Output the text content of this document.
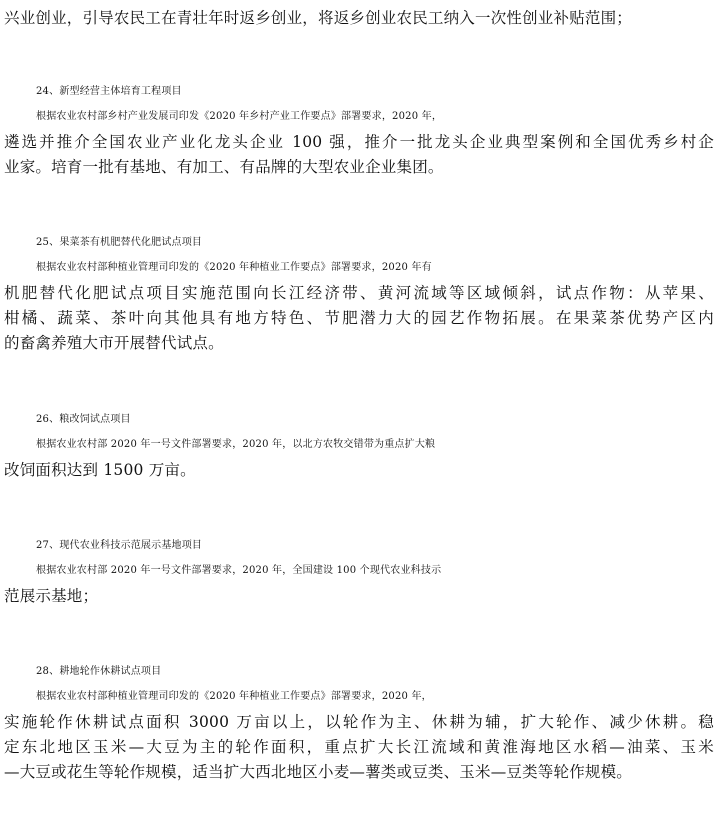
兴业创业，引导农民工在青壮年时返乡创业，将返乡创业农民工纳入一次性创业补贴范围；
24、新型经营主体培育工程项目
根据农业农村部乡村产业发展司印发《2020 年乡村产业工作要点》部署要求，2020 年，
遴选并推介全国农业产业化龙头企业 100 强，推介一批龙头企业典型案例和全国优秀乡村企
业家。培育一批有基地、有加工、有品牌的大型农业企业集团。
25、果菜茶有机肥替代化肥试点项目
根据农业农村部种植业管理司印发的《2020 年种植业工作要点》部署要求，2020 年有
机肥替代化肥试点项目实施范围向长江经济带、黄河流域等区域倾斜，试点作物：从苹果、
柑橘、蔬菜、茶叶向其他具有地方特色、节肥潜力大的园艺作物拓展。在果菜茶优势产区内
的畜禽养殖大市开展替代试点。
26、粮改饲试点项目
根据农业农村部 2020 年一号文件部署要求，2020 年，以北方农牧交错带为重点扩大粮
改饲面积达到 1500 万亩。
27、现代农业科技示范展示基地项目
根据农业农村部 2020 年一号文件部署要求，2020 年，全国建设 100 个现代农业科技示
范展示基地；
28、耕地轮作休耕试点项目
根据农业农村部种植业管理司印发的《2020 年种植业工作要点》部署要求，2020 年，
实施轮作休耕试点面积 3000 万亩以上，以轮作为主、休耕为辅，扩大轮作、减少休耕。稳
定东北地区玉米—大豆为主的轮作面积，重点扩大长江流域和黄淮海地区水稻—油菜、玉米
—大豆或花生等轮作规模，适当扩大西北地区小麦—薯类或豆类、玉米—豆类等轮作规模。
